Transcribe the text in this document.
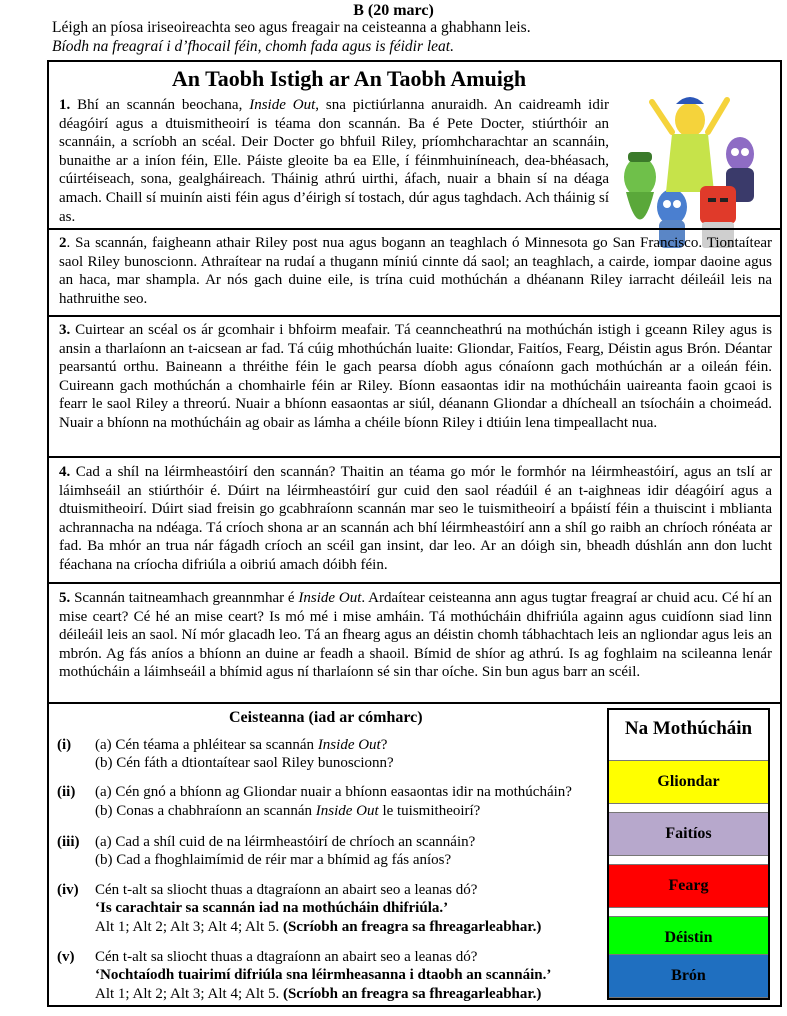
B (20 marc)
Léigh an píosa iriseoireachta seo agus freagair na ceisteanna a ghabhann leis.
Bíodh na freagraí i d’fhocail féin, chomh fada agus is féidir leat.
An Taobh Istigh ar An Taobh Amuigh
1. Bhí an scannán beochana, Inside Out, sna pictiúrlanna anuraidh. An caidreamh idir déagóirí agus a dtuismitheoirí is téama don scannán. Ba é Pete Docter, stiúrthóir an scannáin, a scríobh an scéal. Deir Docter go bhfuil Riley, príomhcharachtar an scannáin, bunaithe ar a iníon féin, Elle. Páiste gleoite ba ea Elle, í féinmhuiníneach, dea-bhéasach, cúirtéiseach, sona, gealgháireach. Tháinig athrú uirthi, áfach, nuair a bhain sí na déaga amach. Chaill sí muinín aisti féin agus d’éirigh sí tostach, dúr agus taghdach. Ach tháinig sí as.
2. Sa scannán, faigheann athair Riley post nua agus bogann an teaghlach ó Minnesota go San Francisco. Tiontaítear saol Riley bunoscionn. Athraítear na rudaí a thugann míniú cinnte dá saol; an teaghlach, a cairde, iompar daoine agus an haca, mar shampla. Ar nós gach duine eile, is trína cuid mothúchán a dhéanann Riley iarracht déileáil leis na hathruithe seo.
3. Cuirtear an scéal os ár gcomhair i bhfoirm meafair. Tá ceanncheathrú na mothúchán istigh i gceann Riley agus is ansin a tharlaíonn an t-aicsean ar fad. Tá cúig mhothúchán luaite: Gliondar, Faitíos, Fearg, Déistin agus Brón. Déantar pearsantú orthu. Baineann a thréithe féin le gach pearsa díobh agus cónaíonn gach mothúchán ar a oileán féin. Cuireann gach mothúchán a chomhairle féin ar Riley. Bíonn easaontas idir na mothúcháin uaireanta faoin gcaoi is fearr le saol Riley a threorú. Nuair a bhíonn easaontas ar siúl, déanann Gliondar a dhícheall an tsíocháin a choimeád. Nuair a bhíonn na mothúcháin ag obair as lámha a chéile bíonn Riley i dtiúin lena timpeallacht nua.
4. Cad a shíl na léirmheastóirí den scannán? Thaitin an téama go mór le formhór na léirmheastóirí, agus an tslí ar láimhseáil an stiúrthóir é. Dúirt na léirmheastóirí gur cuid den saol réadúil é an t-aighneas idir déagóirí agus a dtuismitheoirí. Dúirt siad freisin go gcabhraíonn scannán mar seo le tuismitheoirí a bpáistí féin a thuiscint i mblianta achrannacha na ndéaga. Tá críoch shona ar an scannán ach bhí léirmheastóirí ann a shíl go raibh an chríoch rónéata ar fad. Ba mhór an trua nár fágadh críoch an scéil gan insint, dar leo. Ar an dóigh sin, bheadh dúshlán ann don lucht féachana na críocha difriúla a oibriú amach dóibh féin.
5. Scannán taitneamhach greannmhar é Inside Out. Ardaítear ceisteanna ann agus tugtar freagraí ar chuid acu. Cé hí an mise ceart? Cé hé an mise ceart? Is mó mé i mise amháin. Tá mothúcháin dhifriúla againn agus cuidíonn siad linn déileáil leis an saol. Ní mór glacadh leo. Tá an fhearg agus an déistin chomh tábhachtach leis an ngliondar agus leis an mbrón. Ag fás aníos a bhíonn an duine ar feadh a shaoil. Bímid de shíor ag athrú. Is ag foghlaim na scileanna lenár mothúcháin a láimhseáil a bhímid agus ní tharlaíonn sé sin thar oíche. Sin bun agus barr an scéil.
Ceisteanna (iad ar cómharc)
(i) (a) Cén téama a phléitear sa scannán Inside Out?
(b) Cén fáth a dtiontaítear saol Riley bunoscionn?
(ii) (a) Cén gnó a bhíonn ag Gliondar nuair a bhíonn easaontas idir na mothúcháin?
(b) Conas a chabhraíonn an scannán Inside Out le tuismitheoirí?
(iii) (a) Cad a shíl cuid de na léirmheastóirí de chríoch an scannáin?
(b) Cad a fhoghlaimímid de réir mar a bhímid ag fás aníos?
(iv) Cén t-alt sa sliocht thuas a dtagraíonn an abairt seo a leanas dó?
‘Is carachtair sa scannán iad na mothúcháin dhifriúla.’
Alt 1; Alt 2; Alt 3; Alt 4; Alt 5. (Scríobh an freagra sa fhreagarleabhar.)
(v) Cén t-alt sa sliocht thuas a dtagraíonn an abairt seo a leanas dó?
‘Nochtaíodh tuairimí difriúla sna léirmheasanna i dtaobh an scannáin.’
Alt 1; Alt 2; Alt 3; Alt 4; Alt 5. (Scríobh an freagra sa fhreagarleabhar.)
Na Mothúcháin
Gliondar
Faitíos
Fearg
Déistin
Brón
